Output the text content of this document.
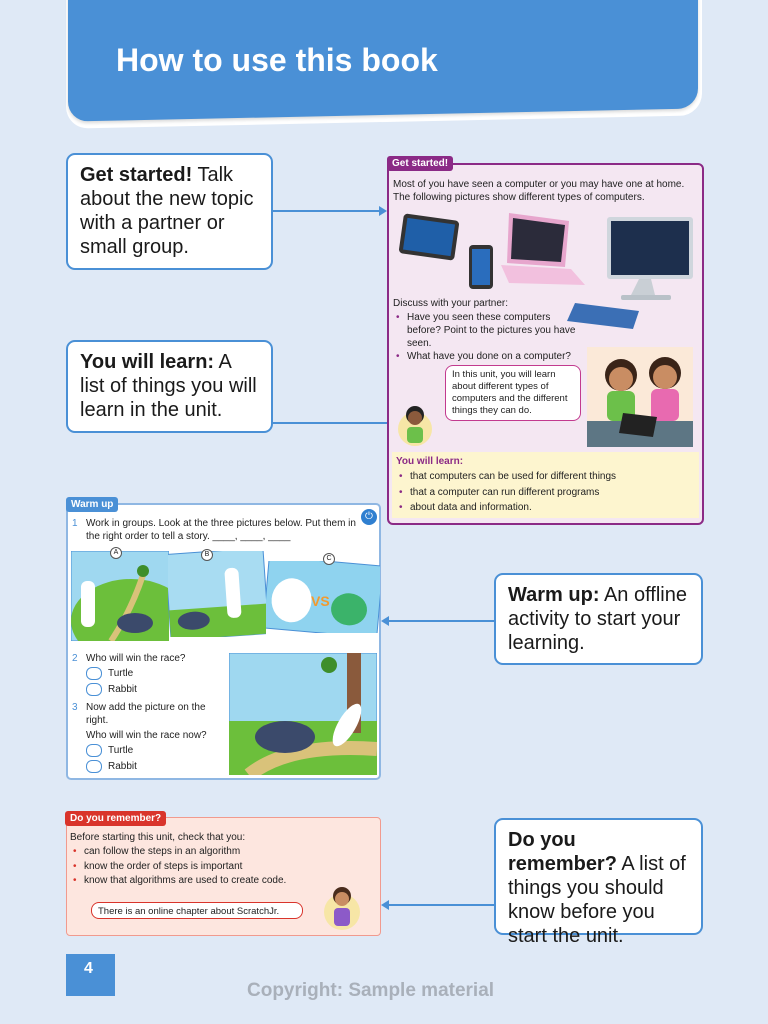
How to use this book
Get started! Talk about the new topic with a partner or small group.
You will learn: A list of things you will learn in the unit.
Get started!
Most of you have seen a computer or you may have one at home. The following pictures show different types of computers.
Discuss with your partner:
• Have you seen these computers before? Point to the pictures you have seen.
• What have you done on a computer?
In this unit, you will learn about different types of computers and the different things they can do.
You will learn:
• that computers can be used for different things
• that a computer can run different programs
• about data and information.
Warm up
⏻
1 Work in groups. Look at the three pictures below. Put them in the right order to tell a story. ____, ____, ____
A	B
C
VS
2 Who will win the race?
Turtle
Rabbit
3 Now add the picture on the right.
Who will win the race now?
Turtle
Rabbit
Warm up: An offline activity to start your learning.
Do you remember?
Before starting this unit, check that you:
• can follow the steps in an algorithm
• know the order of steps is important
• know that algorithms are used to create code.
There is an online chapter about ScratchJr.
Do you remember? A list of things you should know before you start the unit.
4
Copyright: Sample material
